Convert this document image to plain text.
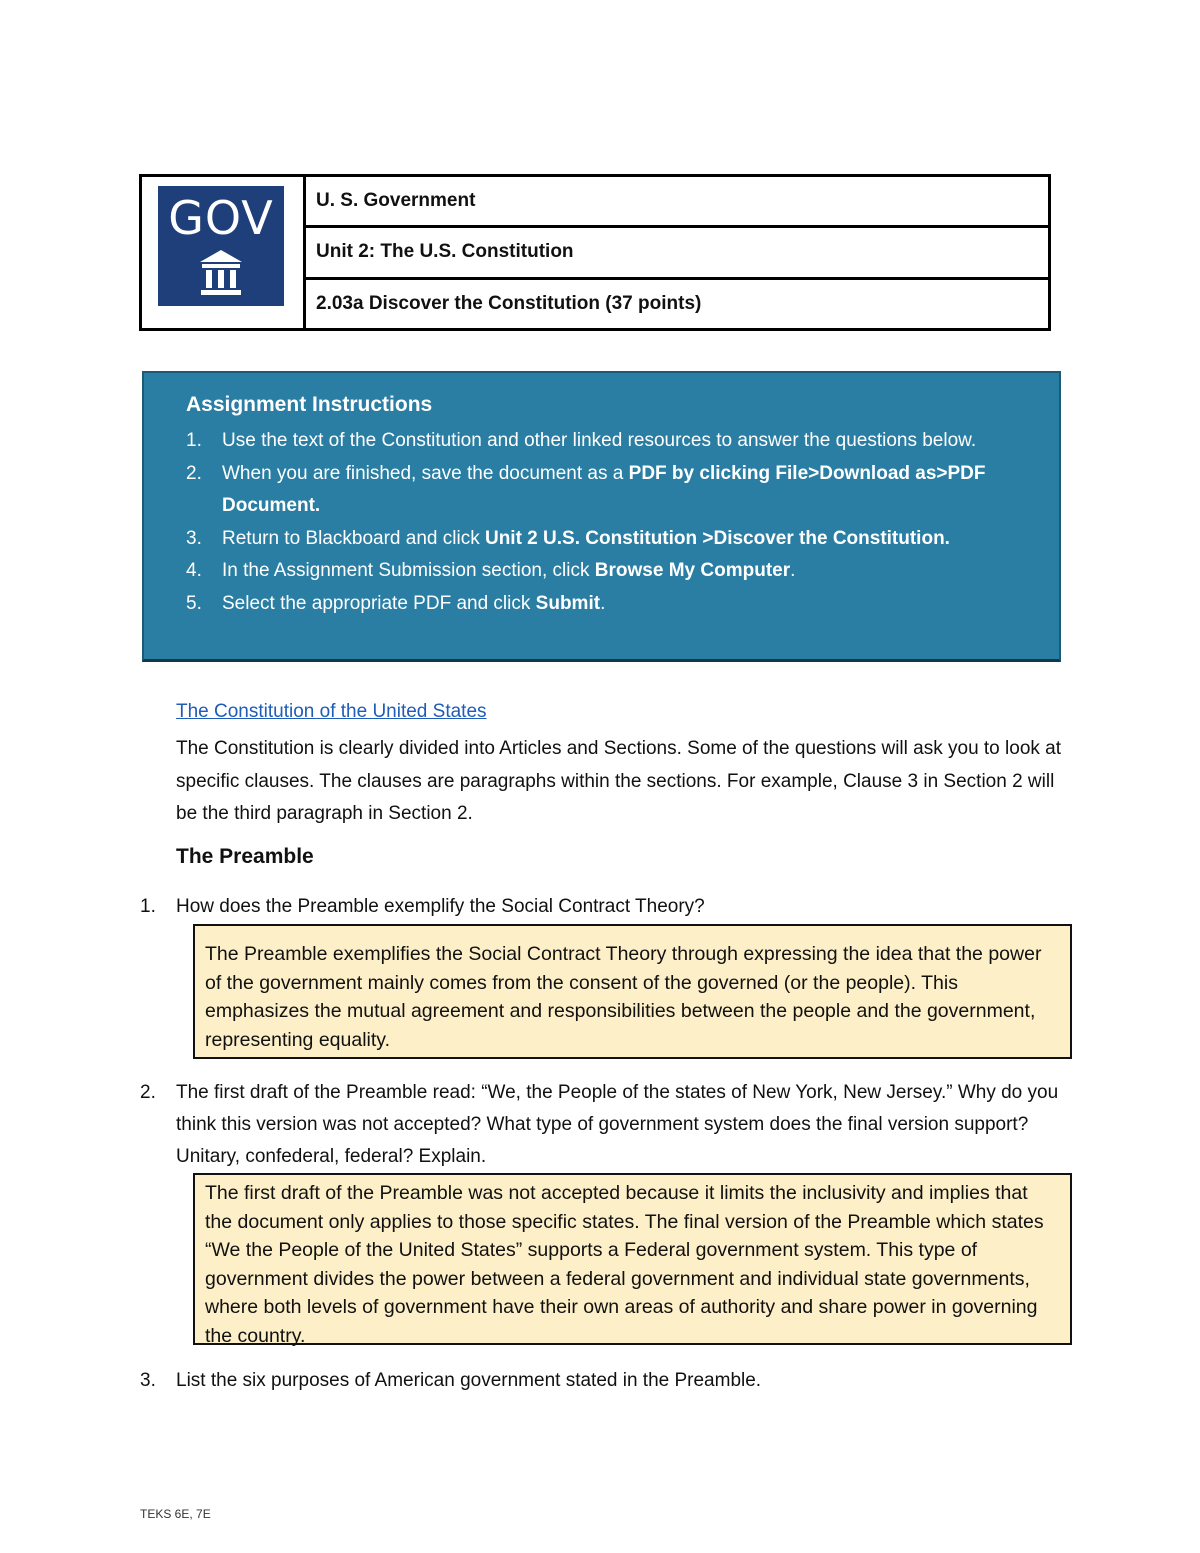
GOV	U. S. Government
Unit 2: The U.S. Constitution
2.03a Discover the Constitution (37 points)
Assignment Instructions
1. Use the text of the Constitution and other linked resources to answer the questions below.
2. When you are finished, save the document as a PDF by clicking File>Download as>PDF Document.
3. Return to Blackboard and click Unit 2 U.S. Constitution >Discover the Constitution.
4. In the Assignment Submission section, click Browse My Computer.
5. Select the appropriate PDF and click Submit.
The Constitution of the United States
The Constitution is clearly divided into Articles and Sections. Some of the questions will ask you to look at specific clauses. The clauses are paragraphs within the sections. For example, Clause 3 in Section 2 will be the third paragraph in Section 2.
The Preamble
1. How does the Preamble exemplify the Social Contract Theory?
The Preamble exemplifies the Social Contract Theory through expressing the idea that the power of the government mainly comes from the consent of the governed (or the people). This emphasizes the mutual agreement and responsibilities between the people and the government, representing equality.
2. The first draft of the Preamble read: “We, the People of the states of New York, New Jersey.” Why do you think this version was not accepted? What type of government system does the final version support? Unitary, confederal, federal? Explain.
The first draft of the Preamble was not accepted because it limits the inclusivity and implies that the document only applies to those specific states. The final version of the Preamble which states “We the People of the United States” supports a Federal government system. This type of government divides the power between a federal government and individual state governments, where both levels of government have their own areas of authority and share power in governing the country.
3. List the six purposes of American government stated in the Preamble.
TEKS 6E, 7E
